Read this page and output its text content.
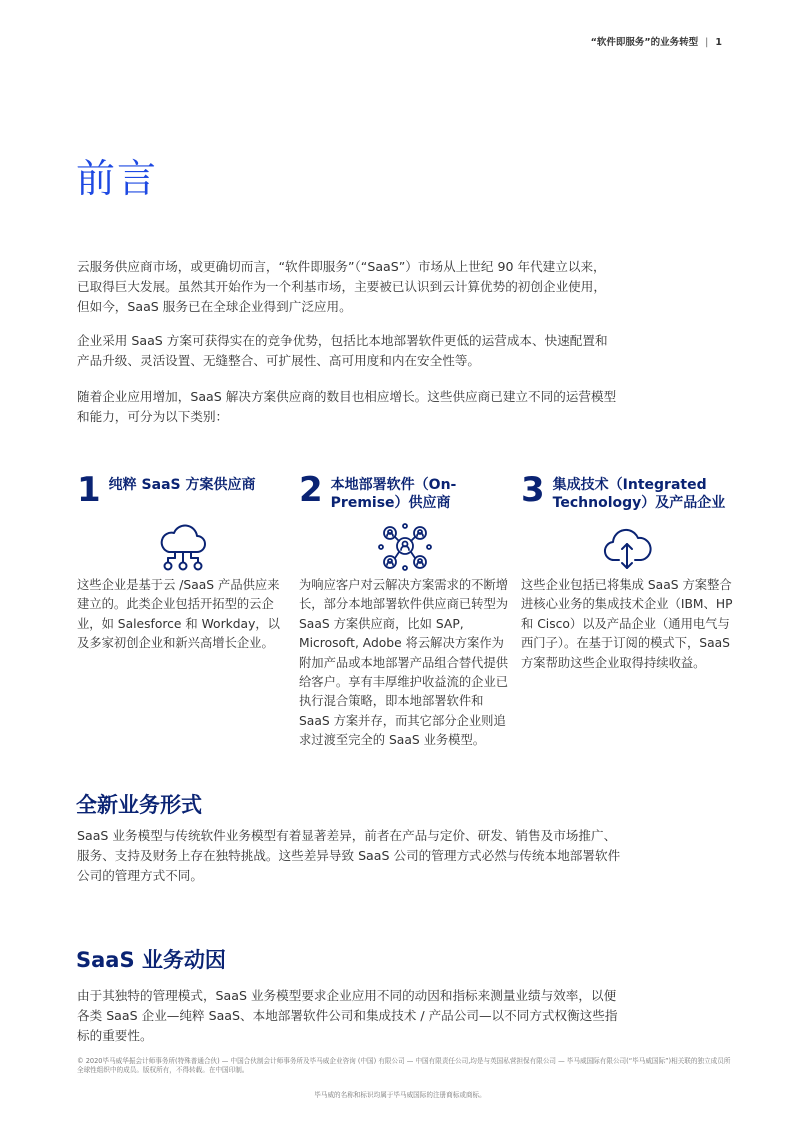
“软件即服务”的业务转型 | 1
前言

云服务供应商市场，或更确切而言，“软件即服务”（“SaaS”）市场从上世纪 90 年代建立以来，已取得巨大发展。虽然其开始作为一个利基市场，主要被已认识到云计算优势的初创企业使用，但如今，SaaS 服务已在全球企业得到广泛应用。

企业采用 SaaS 方案可获得实在的竞争优势，包括比本地部署软件更低的运营成本、快速配置和产品升级、灵活设置、无缝整合、可扩展性、高可用度和内在安全性等。

随着企业应用增加，SaaS 解决方案供应商的数目也相应增长。这些供应商已建立不同的运营模型和能力，可分为以下类别：

1 纯粹 SaaS 方案供应商

这些企业是基于云 /SaaS 产品供应来建立的。此类企业包括开拓型的云企业，如 Salesforce 和 Workday，以及多家初创企业和新兴高增长企业。

2 本地部署软件（On-Premise）供应商

为响应客户对云解决方案需求的不断增长，部分本地部署软件供应商已转型为 SaaS 方案供应商，比如 SAP, Microsoft, Adobe 将云解决方案作为附加产品或本地部署产品组合替代提供给客户。享有丰厚维护收益流的企业已执行混合策略，即本地部署软件和 SaaS 方案并存，而其它部分企业则追求过渡至完全的 SaaS 业务模型。

3 集成技术（Integrated Technology）及产品企业

这些企业包括已将集成 SaaS 方案整合进核心业务的集成技术企业（IBM、HP 和 Cisco）以及产品企业（通用电气与西门子）。在基于订阅的模式下，SaaS 方案帮助这些企业取得持续收益。

全新业务形式

SaaS 业务模型与传统软件业务模型有着显著差异，前者在产品与定价、研发、销售及市场推广、服务、支持及财务上存在独特挑战。这些差异导致 SaaS 公司的管理方式必然与传统本地部署软件公司的管理方式不同。

SaaS 业务动因

由于其独特的管理模式，SaaS 业务模型要求企业应用不同的动因和指标来测量业绩与效率，以便各类 SaaS 企业—纯粹 SaaS、本地部署软件公司和集成技术 / 产品公司—以不同方式权衡这些指标的重要性。

© 2020毕马威华振会计师事务所(特殊普通合伙) — 中国合伙制会计师事务所及毕马威企业咨询 (中国) 有限公司 — 中国有限责任公司,均是与英国私营担保有限公司 — 毕马威国际有限公司(“毕马威国际”)相关联的独立成员所全球性组织中的成员。版权所有，不得转载。在中国印制。

毕马威的名称和标识均属于毕马威国际的注册商标或商标。
